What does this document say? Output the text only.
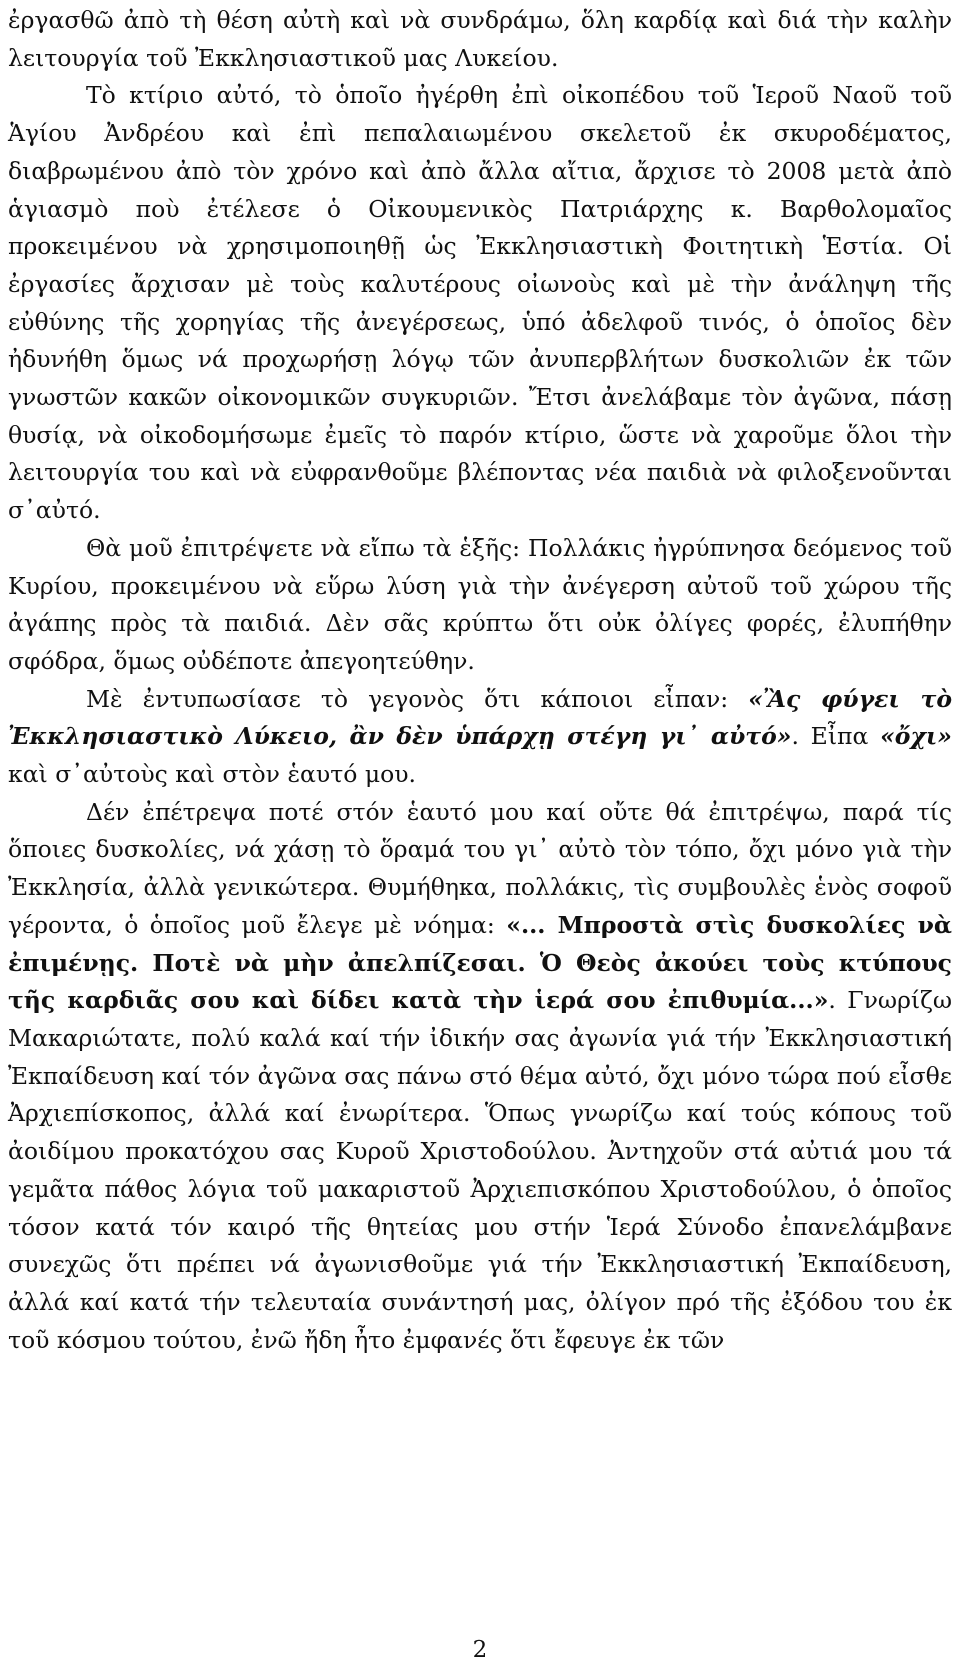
ἐργασθῶ ἀπὸ τὴ θέση αὐτὴ καὶ νὰ συνδράμω, ὅλη καρδίᾳ καὶ διά τὴν καλὴν λειτουργία τοῦ Ἐκκλησιαστικοῦ μας Λυκείου.

Τὸ κτίριο αὐτό, τὸ ὁποῖο ἠγέρθη ἐπὶ οἰκοπέδου τοῦ Ἱεροῦ Ναοῦ τοῦ Ἁγίου Ἀνδρέου καὶ ἐπὶ πεπαλαιωμένου σκελετοῦ ἐκ σκυροδέματος, διαβρωμένου ἀπὸ τὸν χρόνο καὶ ἀπὸ ἄλλα αἴτια, ἄρχισε τὸ 2008 μετὰ ἀπὸ ἁγιασμὸ ποὺ ἐτέλεσε ὁ Οἰκουμενικὸς Πατριάρχης κ. Βαρθολομαῖος προκειμένου νὰ χρησιμοποιηθῇ ὡς Ἐκκλησιαστικὴ Φοιτητικὴ Ἑστία. Οἱ ἐργασίες ἄρχισαν μὲ τοὺς καλυτέρους οἰωνοὺς καὶ μὲ τὴν ἀνάληψη τῆς εὐθύνης τῆς χορηγίας τῆς ἀνεγέρσεως, ὑπό ἀδελφοῦ τινός, ὁ ὁποῖος δὲν ἠδυνήθη ὅμως νά προχωρήσῃ λόγῳ τῶν ἀνυπερβλήτων δυσκολιῶν ἐκ τῶν γνωστῶν κακῶν οἰκονομικῶν συγκυριῶν. Ἔτσι ἀνελάβαμε τὸν ἀγῶνα, πάσῃ θυσίᾳ, νὰ οἰκοδομήσωμε ἐμεῖς τὸ παρόν κτίριο, ὥστε νὰ χαροῦμε ὅλοι τὴν λειτουργία του καὶ νὰ εὐφρανθοῦμε βλέποντας νέα παιδιὰ νὰ φιλοξενοῦνται σ᾽αὐτό.

Θὰ μοῦ ἐπιτρέψετε νὰ εἴπω τὰ ἑξῆς: Πολλάκις ἠγρύπνησα δεόμενος τοῦ Κυρίου, προκειμένου νὰ εὕρω λύση γιὰ τὴν ἀνέγερση αὐτοῦ τοῦ χώρου τῆς ἀγάπης πρὸς τὰ παιδιά. Δὲν σᾶς κρύπτω ὅτι οὐκ ὀλίγες φορές, ἐλυπήθην σφόδρα, ὅμως οὐδέποτε ἀπεγοητεύθην.

Μὲ ἐντυπωσίασε τὸ γεγονὸς ὅτι κάποιοι εἶπαν: «Ἂς φύγει τὸ Ἐκκλησιαστικὸ Λύκειο, ἂν δὲν ὑπάρχῃ στέγη γι᾽ αὐτό». Εἶπα «ὄχι» καὶ σ᾽αὐτοὺς καὶ στὸν ἑαυτό μου.

Δέν ἐπέτρεψα ποτέ στόν ἑαυτό μου καί οὔτε θά ἐπιτρέψω, παρά τίς ὅποιες δυσκολίες, νά χάσῃ τὸ ὅραμά του γι᾽ αὐτὸ τὸν τόπο, ὄχι μόνο γιὰ τὴν Ἐκκλησία, ἀλλὰ γενικώτερα. Θυμήθηκα, πολλάκις, τὶς συμβουλὲς ἑνὸς σοφοῦ γέροντα, ὁ ὁποῖος μοῦ ἔλεγε μὲ νόημα: «... Μπροστὰ στὶς δυσκολίες νὰ ἐπιμένῃς. Ποτὲ νὰ μὴν ἀπελπίζεσαι. Ὁ Θεὸς ἀκούει τοὺς κτύπους τῆς καρδιᾶς σου καὶ δίδει κατὰ τὴν ἱερά σου ἐπιθυμία...». Γνωρίζω Μακαριώτατε, πολύ καλά καί τήν ἰδικήν σας ἀγωνία γιά τήν Ἐκκλησιαστική Ἐκπαίδευση καί τόν ἀγῶνα σας πάνω στό θέμα αὐτό, ὄχι μόνο τώρα πού εἶσθε Ἀρχιεπίσκοπος, ἀλλά καί ἐνωρίτερα. Ὅπως γνωρίζω καί τούς κόπους τοῦ ἀοιδίμου προκατόχου σας Κυροῦ Χριστοδούλου. Ἀντηχοῦν στά αὐτιά μου τά γεμᾶτα πάθος λόγια τοῦ μακαριστοῦ Ἀρχιεπισκόπου Χριστοδούλου, ὁ ὁποῖος τόσον κατά τόν καιρό τῆς θητείας μου στήν Ἱερά Σύνοδο ἐπανελάμβανε συνεχῶς ὅτι πρέπει νά ἀγωνισθοῦμε γιά τήν Ἐκκλησιαστική Ἐκπαίδευση, ἀλλά καί κατά τήν τελευταία συνάντησή μας, ὀλίγον πρό τῆς ἐξόδου του ἐκ τοῦ κόσμου τούτου, ἐνῶ ἤδη ἦτο ἐμφανές ὅτι ἔφευγε ἐκ τῶν

2
